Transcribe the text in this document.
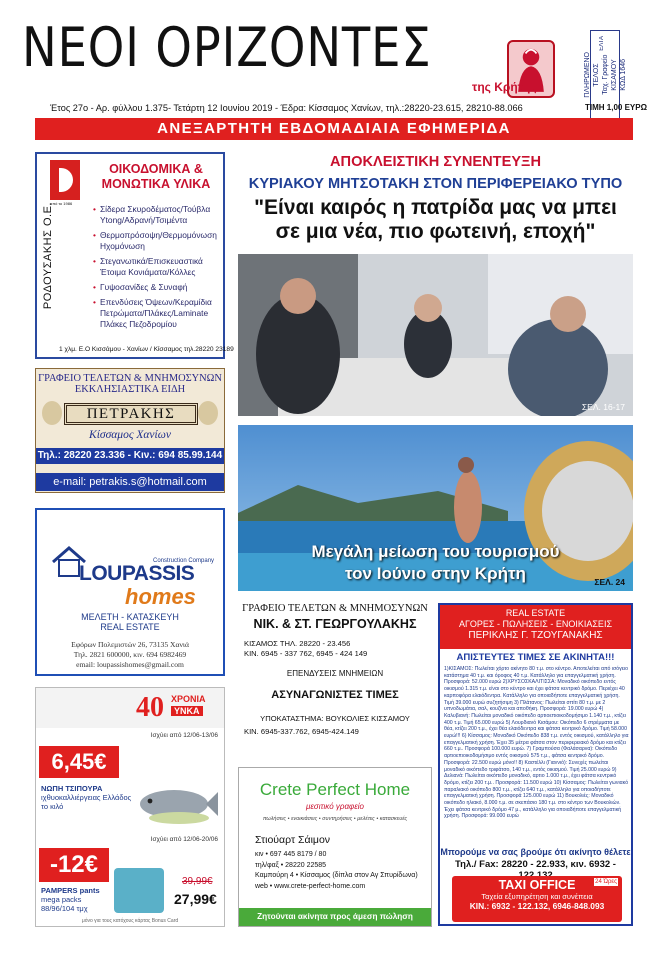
ΝΕΟΙ ΟΡΙΖΟΝΤΕΣ
της Κρήτης	ΠΛΗΡΩΜΕΝΟ
ΤΕΛΟΣ
Ταχ. Γραφείο
ΚΙΣΑΜΟΥ
ΚΩΔ 1646
ΕΛΤΑ
Έτος 27ο - Αρ. φύλλου 1.375- Τετάρτη 12 Ιουνίου 2019 - Έδρα: Κίσσαμος Χανίων, τηλ.:28220-23.615, 28210-88.066	ΤΙΜΗ 1,00 ΕΥΡΩ
ΑΝΕΞΑΡΤΗΤΗ ΕΒΔΟΜΑΔΙΑΙΑ ΕΦΗΜΕΡΙΔΑ
ΡΟΔΟΥΣΑΚΗΣ Ο.Ε.
από το 1986
ΟΙΚΟΔΟΜΙΚΑ & ΜΟΝΩΤΙΚΑ ΥΛΙΚΑ
• Σίδερα Σκυροδέματος/Τούβλα Ytong/Αδρανή/Τσιμέντα
• Θερμοπρόσοψη/Θερμομόνωση Ηχομόνωση
• Στεγανωτικά/Επισκευαστικά Έτοιμα Κονιάματα/Κόλλες
• Γυψοσανίδες & Συναφή
• Επενδύσεις Όψεων/Κεραμίδια Πετρώματα/Πλάκες/Laminate Πλάκες Πεζοδρομίου
1 χλμ. Ε.Ο Κισσάμου - Χανίων / Κίσσαμος τηλ.28220 23189
ΓΡΑΦΕΙΟ ΤΕΛΕΤΩΝ & ΜΝΗΜΟΣΥΝΩΝ
ΕΚΚΛΗΣΙΑΣΤΙΚΑ ΕΙΔΗ
ΠΕΤΡΑΚΗΣ
Κίσσαμος Χανίων
Τηλ.: 28220 23.336 - Κιν.: 694 85.99.144
e-mail: petrakis.s@hotmail.com
Construction Company
LOUPASSIS
homes
ΜΕΛΕΤΗ - ΚΑΤΑΣΚΕΥΗ
REAL ESTATE
Εφόρων Πολεμιστών 26, 73135 Χανιά
Τηλ. 2821 600000, κιν. 694 6982469
email: loupassishomes@gmail.com
40 ΧΡΟΝΙΑ
ΥΝΚΑ
Ισχύει από 12/06-13/06
6,45€
ΝΩΠΗ ΤΣΙΠΟΥΡΑ
ιχθυοκαλλιέργειας Ελλάδος
το κιλό
Ισχύει από 12/06-20/06
-12€
PAMPERS pants
mega packs
88/96/104 τμχ
39,99€
27,99€
μόνο για τους κατόχους κάρτας Bonus Card
ΑΠΟΚΛΕΙΣΤΙΚΗ ΣΥΝΕΝΤΕΥΞΗ
ΚΥΡΙΑΚΟΥ ΜΗΤΣΟΤΑΚΗ ΣΤΟΝ ΠΕΡΙΦΕΡΕΙΑΚΟ ΤΥΠΟ
"Είναι καιρός η πατρίδα μας να μπει
σε μια νέα, πιο φωτεινή, εποχή"
ΣΕΛ. 16-17
Μεγάλη μείωση του τουρισμού
τον Ιούνιο στην Κρήτη	ΣΕΛ. 24
ΓΡΑΦΕΙΟ ΤΕΛΕΤΩΝ & ΜΝΗΜΟΣΥΝΩΝ
ΝΙΚ. & ΣΤ. ΓΕΩΡΓΟΥΛΑΚΗΣ
ΚΙΣΑΜΟΣ ΤΗΛ. 28220 - 23.456
ΚΙΝ. 6945 - 337 762, 6945 - 424 149
ΕΠΕΝΔΥΣΕΙΣ ΜΝΗΜΕΙΩΝ
ΑΣΥΝΑΓΩΝΙΣΤΕΣ ΤΙΜΕΣ
ΥΠΟΚΑΤΑΣΤΗΜΑ: ΒΟΥΚΟΛΙΕΣ ΚΙΣΣΑΜΟΥ
ΚΙΝ. 6945-337.762, 6945-424.149
Crete Perfect Home
μεσιτικό γραφείο
πωλήσεις • ενοικιάσεις • συντηρήσεις • μελέτες • κατασκευές
Στιούαρτ Σάιμον
κιν • 697 445 8179 / 80
τηλ/φαξ • 28220 22585
Καμπούρη 4 • Κίσσαμος (δίπλα στον Αγ Σπυρίδωνα)
web • www.crete-perfect-home.com
Ζητούνται ακίνητα προς άμεση πώληση
REAL ESTATE
ΑΓΟΡΕΣ - ΠΩΛΗΣΕΙΣ - ΕΝΟΙΚΙΑΣΕΙΣ
ΠΕΡΙΚΛΗΣ Γ. ΤΖΟΥΓΑΝΑΚΗΣ
ΑΠΙΣΤΕΥΤΕΣ ΤΙΜΕΣ ΣΕ ΑΚΙΝΗΤΑ!!!
1)ΚΙΣΑΜΟΣ: Πωλείται χόρτο ακίνητο 80 τ.μ. στο κέντρο. Αποτελείται από ισόγειο κατάστημα 40 τ.μ. και όροφος 40 τ.μ. Κατάλληλο για επαγγελματική χρήση. Προσφορά: 52.000 ευρώ 2)ΧΡΥΣΟΣΚΑΛΙΤΙΣΣΑ: Μοναδικό οικόπεδο εντός οικισμού 1.315 τ.μ. είναι στο κέντρο και έχει φάτσα κεντρικό δρόμο. Περιέχει 40 καρποφόρα ελαιόδεντρα. Κατάλληλο για οποιαδήποτε επαγγελματική χρήση. Τιμή 39.000 ευρώ συζητήσιμη 3) Πλάτανος: Πωλείται σπίτι 80 τ.μ. με 2 υπνοδωμάτια, σαλ, κουζίνα και αποθήκη. Προσφορά: 19.000 ευρώ 4) Καλυβιανή: Πωλείται μοναδικό οικόπεδο αρτιοεπιοικοδομήσιμο 1.140 τ.μ., κτίζει 400 τ.μ. Τιμή 65.000 ευρώ 5) Λουρδιανό Κισάμου: Οικόπεδο 6 στρέμματα με θέα, κτίζει 200 τ.μ., έχει θέα ελαιόδεντρα και φάτσα κεντρικό δρόμο. Τιμή 58.000 ευρώ!!! 6) Κίσσαμος: Μοναδικό Οικόπεδο 838 τ.μ. εντός οικισμού, κατάλληλο για επαγγελματική χρήση. Έχει 35 μέτρα φάτσα στον περιφερειακό δρόμο και κτίζει 660 τ.μ.. Προσφορά 100.000 ευρώ. 7) Γραμπούσα (Φαλάσαρνα): Οικόπεδο αρτιοεπιοικοδομήσιμο εντός οικισμού 575 τ.μ., φάτσα κεντρικό δρόμο. Προσφορά: 22.500 ευρώ μόνο!! 8) Καστέλλι (Γιαννιό): Συνεχές πωλείται μοναδικό οικόπεδο τριφάτσο, 140 τ.μ., εντός οικισμού. Τιμή 25.000 ευρώ 9) Δελιανά: Πωλείται οικόπεδο μοναδικό, αρτιο 1.000 τ.μ., έχει φάτσα κεντρικό δρόμο, κτίζει 200 τ.μ.. Προσφορά: 11.500 ευρώ 10) Κίσσαμος: Πωλείται γωνιακό παραλιακό οικόπεδο 800 τ.μ., κτίζει 640 τ.μ., κατάλληλο για οποιαδήποτε επαγγελματική χρήση. Προσφορά 125.000 ευρώ 11) Βουκολιές: Μοναδικό οικόπεδο ηλιακό, 8.000 τ.μ. σε σκεπάσιο 180 τ.μ. στο κέντρο των Βουκολιών. Έχει φάτσα κεντρικό δρόμο 47 μ., κατάλληλο για οποιαδήποτε επαγγελματική χρήση. Προσφορά: 99.000 ευρώ
Μπορούμε να σας βρούμε ότι ακίνητο θέλετε
Τηλ./ Fax: 28220 - 22.933, κιν. 6932 -
TAXI OFFICE	24 Ώρες
Ταχεία εξυπηρέτηση και συνέπεια
KIN.: 6932 - 122.132, 6946-848.093
